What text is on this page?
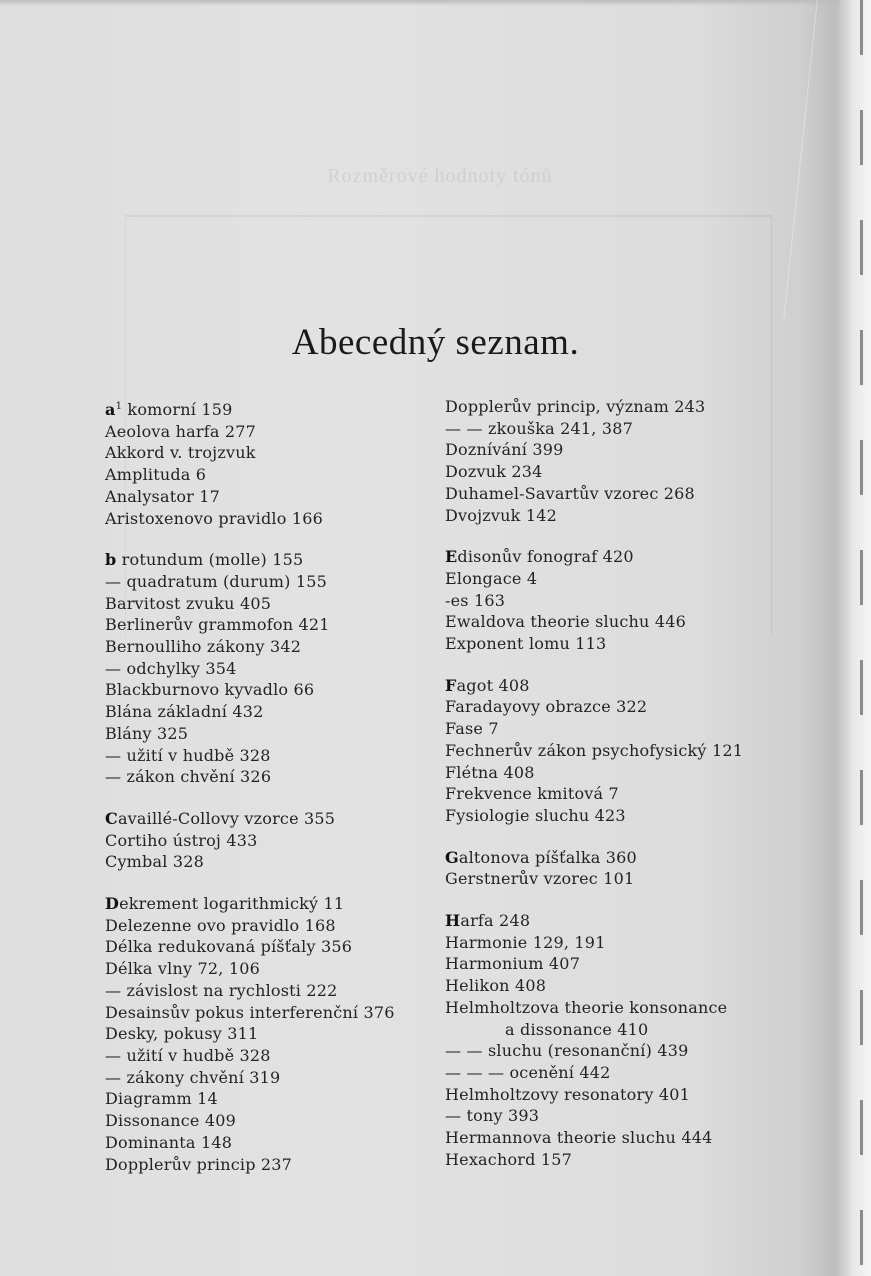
Rozměrové hodnoty tónů
Abecedný seznam.
$a^1$ komorní 159
Aeolova harfa 277
Akkord v. trojzvuk
Amplituda 6
Analysator 17
Aristoxenovo pravidlo 166
b rotundum (molle) 155
— quadratum (durum) 155
Barvitost zvuku 405
Berlinerův grammofon 421
Bernoulliho zákony 342
— odchylky 354
Blackburnovo kyvadlo 66
Blána základní 432
Blány 325
— užití v hudbě 328
— zákon chvění 326
Cavaillé-Collovy vzorce 355
Cortiho ústroj 433
Cymbal 328
Dekrement logarithmický 11
Delezenne ovo pravidlo 168
Délka redukovaná píšťaly 356
Délka vlny 72, 106
— závislost na rychlosti 222
Desainsův pokus interferenční 376
Desky, pokusy 311
— užití v hudbě 328
— zákony chvění 319
Diagramm 14
Dissonance 409
Dominanta 148
Dopplerův princip 237
Dopplerův princip, význam 243
— — zkouška 241, 387
Doznívání 399
Dozvuk 234
Duhamel-Savartův vzorec 268
Dvojzvuk 142
Edisonův fonograf 420
Elongace 4
-es 163
Ewaldova theorie sluchu 446
Exponent lomu 113
Fagot 408
Faradayovy obrazce 322
Fase 7
Fechnerův zákon psychofysický 121
Flétna 408
Frekvence kmitová 7
Fysiologie sluchu 423
Galtonova píšťalka 360
Gerstnerův vzorec 101
Harfa 248
Harmonie 129, 191
Harmonium 407
Helikon 408
Helmholtzova theorie konsonance
a dissonance 410
— — sluchu (resonanční) 439
— — — ocenění 442
Helmholtzovy resonatory 401
— tony 393
Hermannova theorie sluchu 444
Hexachord 157
